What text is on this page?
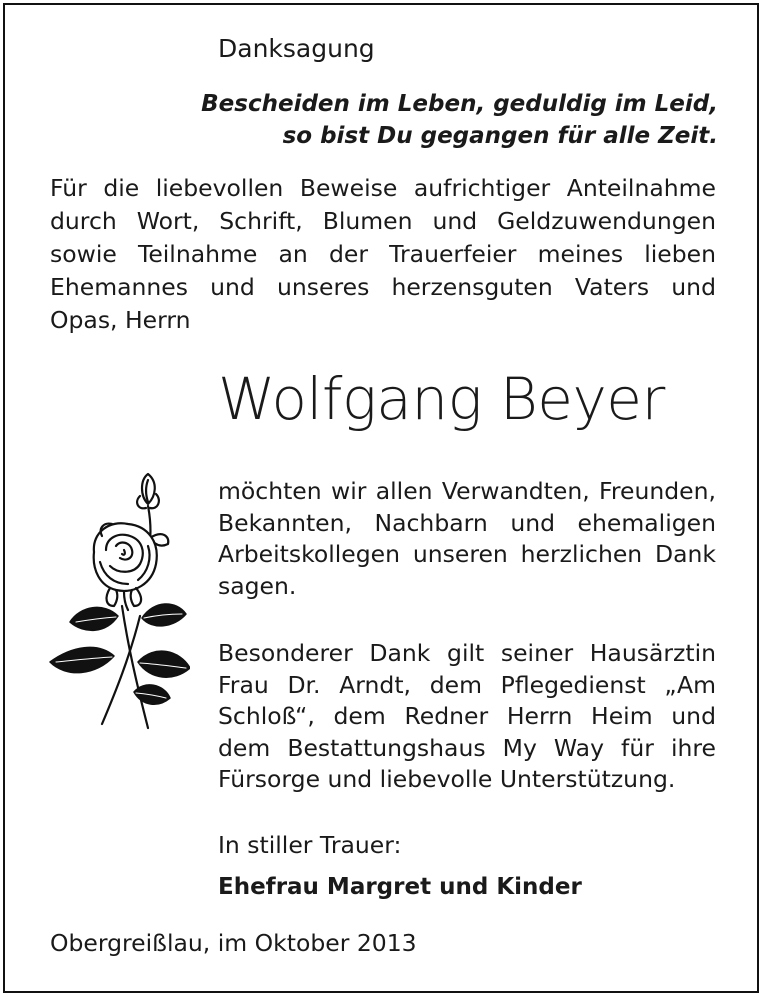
Danksagung
Bescheiden im Leben, geduldig im Leid,
so bist Du gegangen für alle Zeit.
Für die liebevollen Beweise aufrichtiger Anteilnahme durch Wort, Schrift, Blumen und Geldzuwendungen sowie Teilnahme an der Trauerfeier meines lieben Ehemannes und unseres herzensguten Vaters und Opas, Herrn
Wolfgang Beyer
möchten wir allen Verwandten, Freunden, Bekannten, Nachbarn und ehemaligen Arbeitskollegen unseren herzlichen Dank sagen.
Besonderer Dank gilt seiner Hausärztin Frau Dr. Arndt, dem Pflegedienst „Am Schloß“, dem Redner Herrn Heim und dem Bestattungshaus My Way für ihre Fürsorge und liebevolle Unterstützung.
In stiller Trauer:
Ehefrau Margret und Kinder
Obergreißlau, im Oktober 2013
